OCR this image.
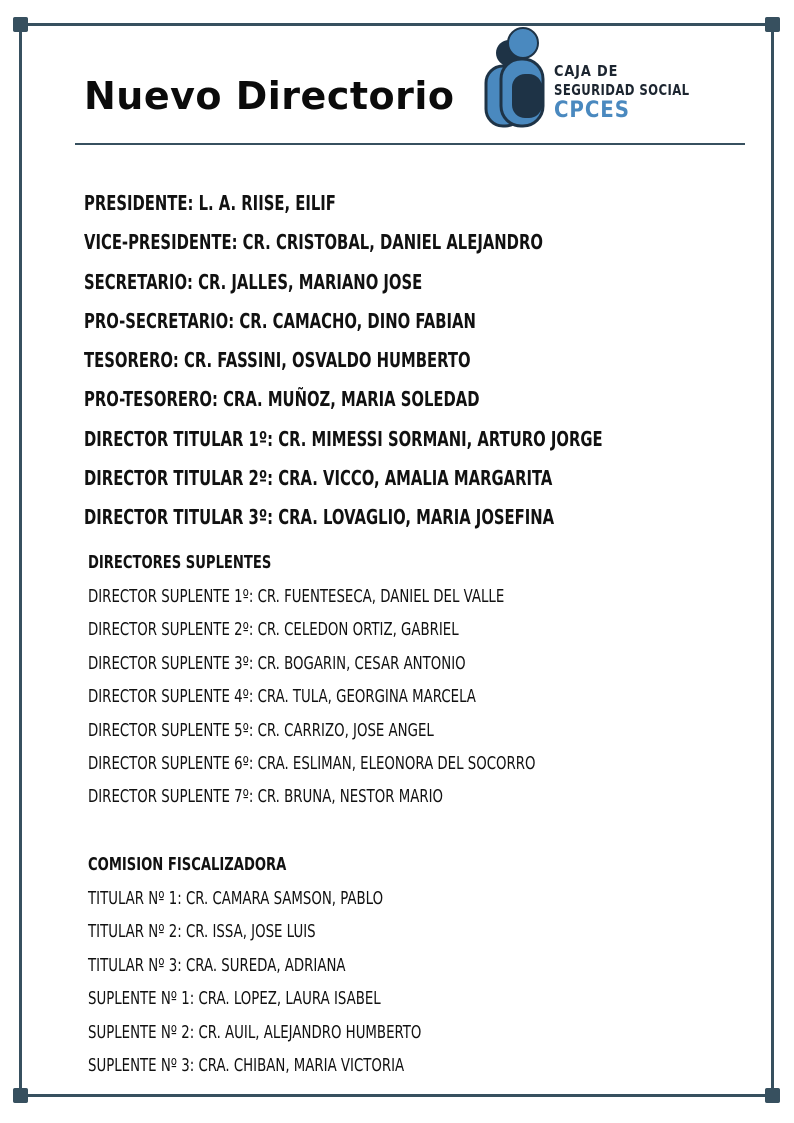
Nuevo Directorio
CAJA DE
SEGURIDAD SOCIAL
CPCES
PRESIDENTE: L. A. RIISE, EILIF
VICE-PRESIDENTE: CR. CRISTOBAL, DANIEL ALEJANDRO
SECRETARIO: CR. JALLES, MARIANO JOSE
PRO-SECRETARIO: CR. CAMACHO, DINO FABIAN
TESORERO: CR. FASSINI, OSVALDO HUMBERTO
PRO-TESORERO: CRA. MUÑOZ, MARIA SOLEDAD
DIRECTOR TITULAR 1º: CR. MIMESSI SORMANI, ARTURO JORGE
DIRECTOR TITULAR 2º: CRA. VICCO, AMALIA MARGARITA
DIRECTOR TITULAR 3º: CRA. LOVAGLIO, MARIA JOSEFINA
DIRECTORES SUPLENTES
DIRECTOR SUPLENTE 1º: CR. FUENTESECA, DANIEL DEL VALLE
DIRECTOR SUPLENTE 2º: CR. CELEDON ORTIZ, GABRIEL
DIRECTOR SUPLENTE 3º: CR. BOGARIN, CESAR ANTONIO
DIRECTOR SUPLENTE 4º: CRA. TULA, GEORGINA MARCELA
DIRECTOR SUPLENTE 5º: CR. CARRIZO, JOSE ANGEL
DIRECTOR SUPLENTE 6º: CRA. ESLIMAN, ELEONORA DEL SOCORRO
DIRECTOR SUPLENTE 7º: CR. BRUNA, NESTOR MARIO
COMISION FISCALIZADORA
TITULAR Nº 1: CR. CAMARA SAMSON, PABLO
TITULAR Nº 2: CR. ISSA, JOSE LUIS
TITULAR Nº 3: CRA. SUREDA, ADRIANA
SUPLENTE Nº 1: CRA. LOPEZ, LAURA ISABEL
SUPLENTE Nº 2: CR. AUIL, ALEJANDRO HUMBERTO
SUPLENTE Nº 3: CRA. CHIBAN, MARIA VICTORIA
